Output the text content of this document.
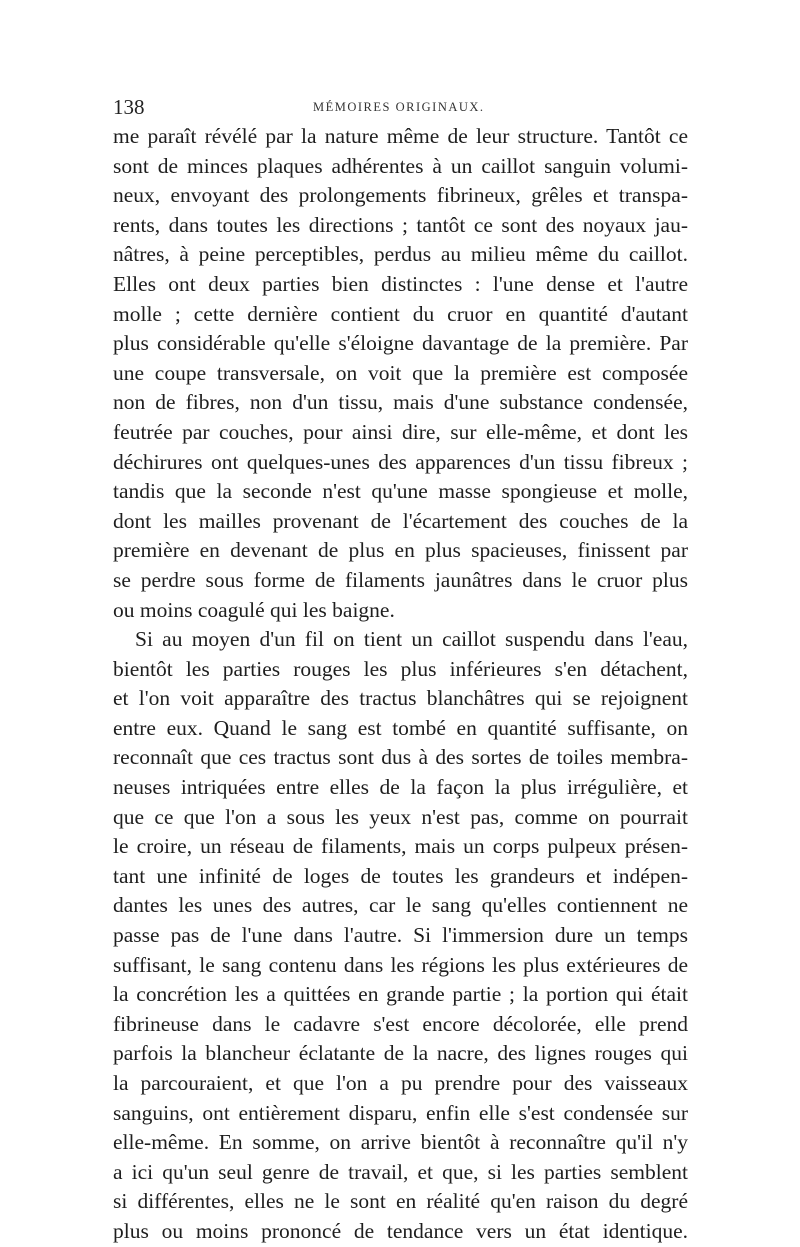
138	MÉMOIRES ORIGINAUX.
me paraît révélé par la nature même de leur structure. Tantôt ce
sont de minces plaques adhérentes à un caillot sanguin volumi-
neux, envoyant des prolongements fibrineux, grêles et transpa-
rents, dans toutes les directions ; tantôt ce sont des noyaux jau-
nâtres, à peine perceptibles, perdus au milieu même du caillot.
Elles ont deux parties bien distinctes : l'une dense et l'autre
molle ; cette dernière contient du cruor en quantité d'autant
plus considérable qu'elle s'éloigne davantage de la première. Par
une coupe transversale, on voit que la première est composée
non de fibres, non d'un tissu, mais d'une substance condensée,
feutrée par couches, pour ainsi dire, sur elle-même, et dont les
déchirures ont quelques-unes des apparences d'un tissu fibreux ;
tandis que la seconde n'est qu'une masse spongieuse et molle,
dont les mailles provenant de l'écartement des couches de la
première en devenant de plus en plus spacieuses, finissent par
se perdre sous forme de filaments jaunâtres dans le cruor plus
ou moins coagulé qui les baigne.
Si au moyen d'un fil on tient un caillot suspendu dans l'eau,
bientôt les parties rouges les plus inférieures s'en détachent,
et l'on voit apparaître des tractus blanchâtres qui se rejoignent
entre eux. Quand le sang est tombé en quantité suffisante, on
reconnaît que ces tractus sont dus à des sortes de toiles membra-
neuses intriquées entre elles de la façon la plus irrégulière, et
que ce que l'on a sous les yeux n'est pas, comme on pourrait
le croire, un réseau de filaments, mais un corps pulpeux présen-
tant une infinité de loges de toutes les grandeurs et indépen-
dantes les unes des autres, car le sang qu'elles contiennent ne
passe pas de l'une dans l'autre. Si l'immersion dure un temps
suffisant, le sang contenu dans les régions les plus extérieures de
la concrétion les a quittées en grande partie ; la portion qui était
fibrineuse dans le cadavre s'est encore décolorée, elle prend
parfois la blancheur éclatante de la nacre, des lignes rouges qui
la parcouraient, et que l'on a pu prendre pour des vaisseaux
sanguins, ont entièrement disparu, enfin elle s'est condensée sur
elle-même. En somme, on arrive bientôt à reconnaître qu'il n'y
a ici qu'un seul genre de travail, et que, si les parties semblent
si différentes, elles ne le sont en réalité qu'en raison du degré
plus ou moins prononcé de tendance vers un état identique.
